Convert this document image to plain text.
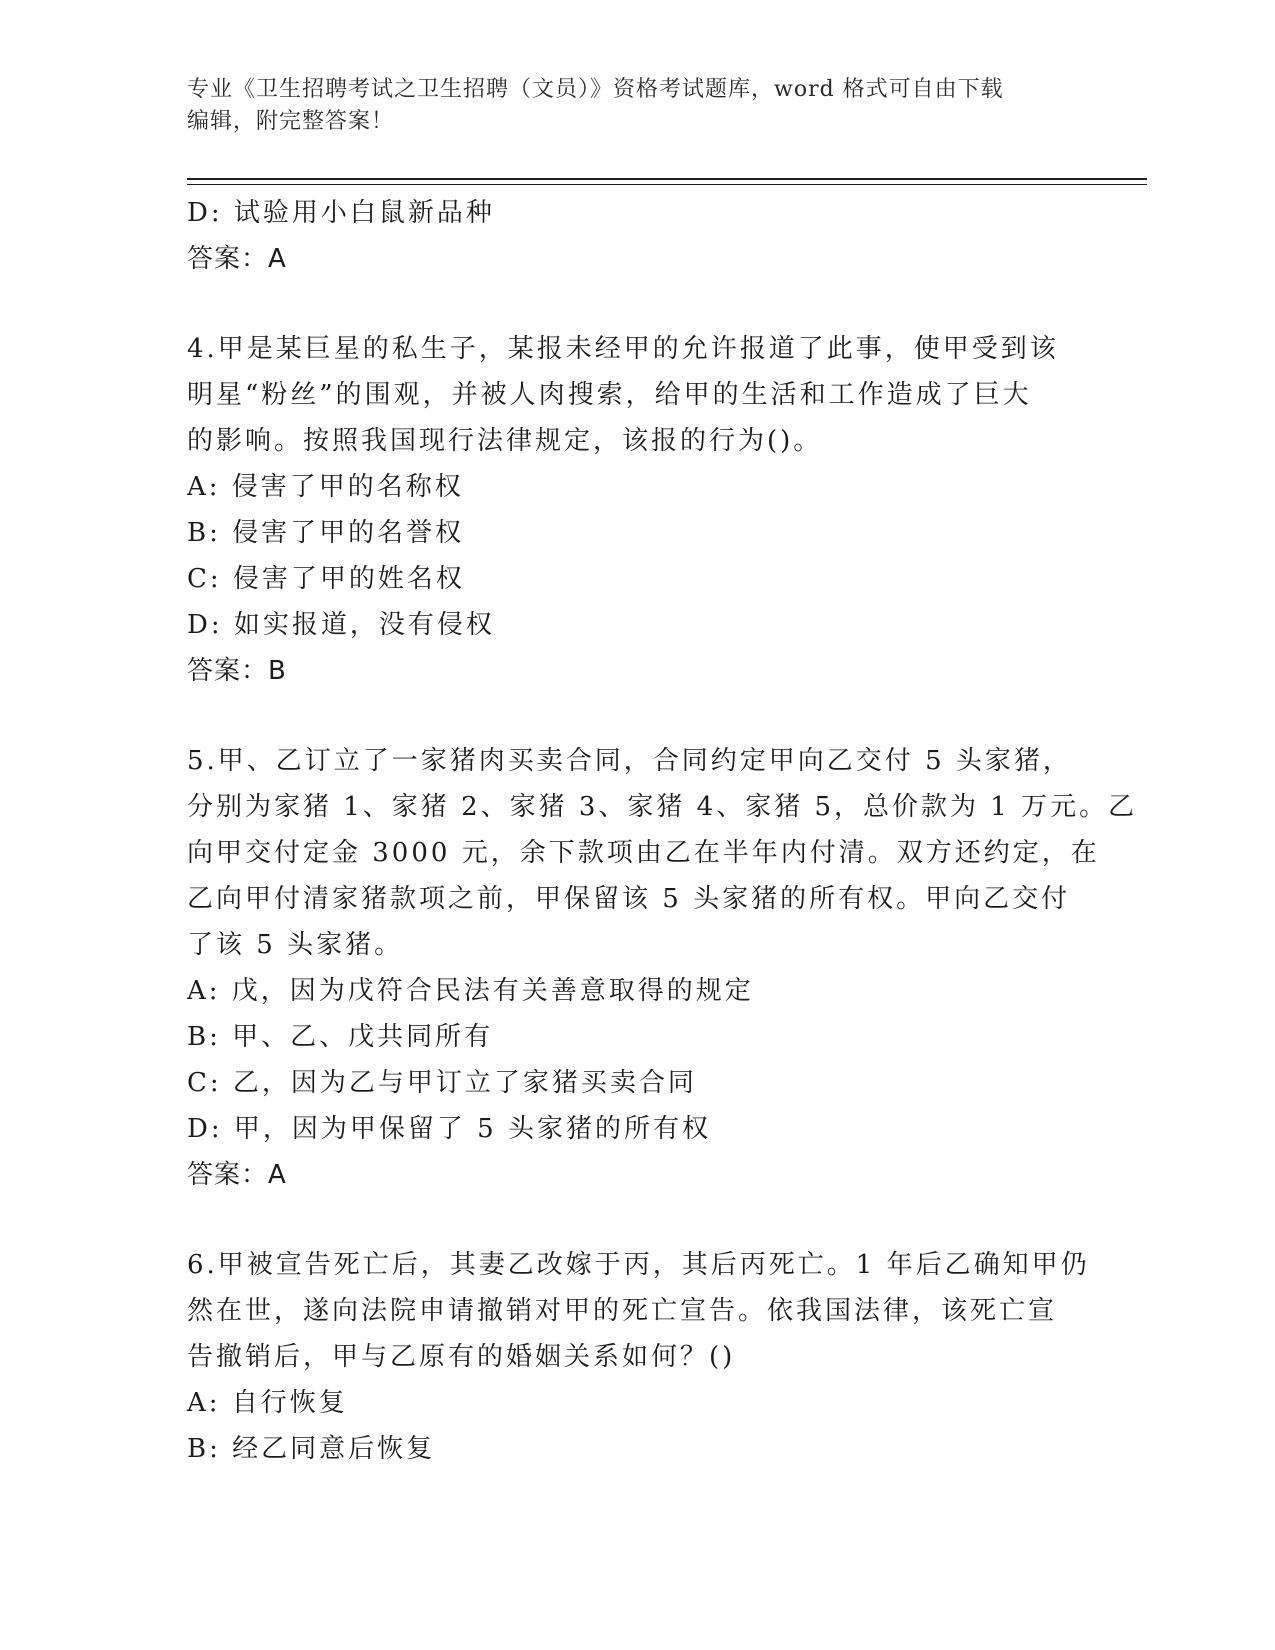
专业《卫生招聘考试之卫生招聘（文员）》资格考试题库，word 格式可自由下载
编辑，附完整答案！
D: 试验用小白鼠新品种
答案：A
4.甲是某巨星的私生子，某报未经甲的允许报道了此事，使甲受到该
明星“粉丝”的围观，并被人肉搜索，给甲的生活和工作造成了巨大
的影响。按照我国现行法律规定，该报的行为()。
A: 侵害了甲的名称权
B: 侵害了甲的名誉权
C: 侵害了甲的姓名权
D: 如实报道，没有侵权
答案：B
5.甲、乙订立了一家猪肉买卖合同，合同约定甲向乙交付 5 头家猪，
分别为家猪 1、家猪 2、家猪 3、家猪 4、家猪 5，总价款为 1 万元。乙
向甲交付定金 3000 元，余下款项由乙在半年内付清。双方还约定，在
乙向甲付清家猪款项之前，甲保留该 5 头家猪的所有权。甲向乙交付
了该 5 头家猪。
A: 戊，因为戊符合民法有关善意取得的规定
B: 甲、乙、戊共同所有
C: 乙，因为乙与甲订立了家猪买卖合同
D: 甲，因为甲保留了 5 头家猪的所有权
答案：A
6.甲被宣告死亡后，其妻乙改嫁于丙，其后丙死亡。1 年后乙确知甲仍
然在世，遂向法院申请撤销对甲的死亡宣告。依我国法律，该死亡宣
告撤销后，甲与乙原有的婚姻关系如何？()
A: 自行恢复
B: 经乙同意后恢复
